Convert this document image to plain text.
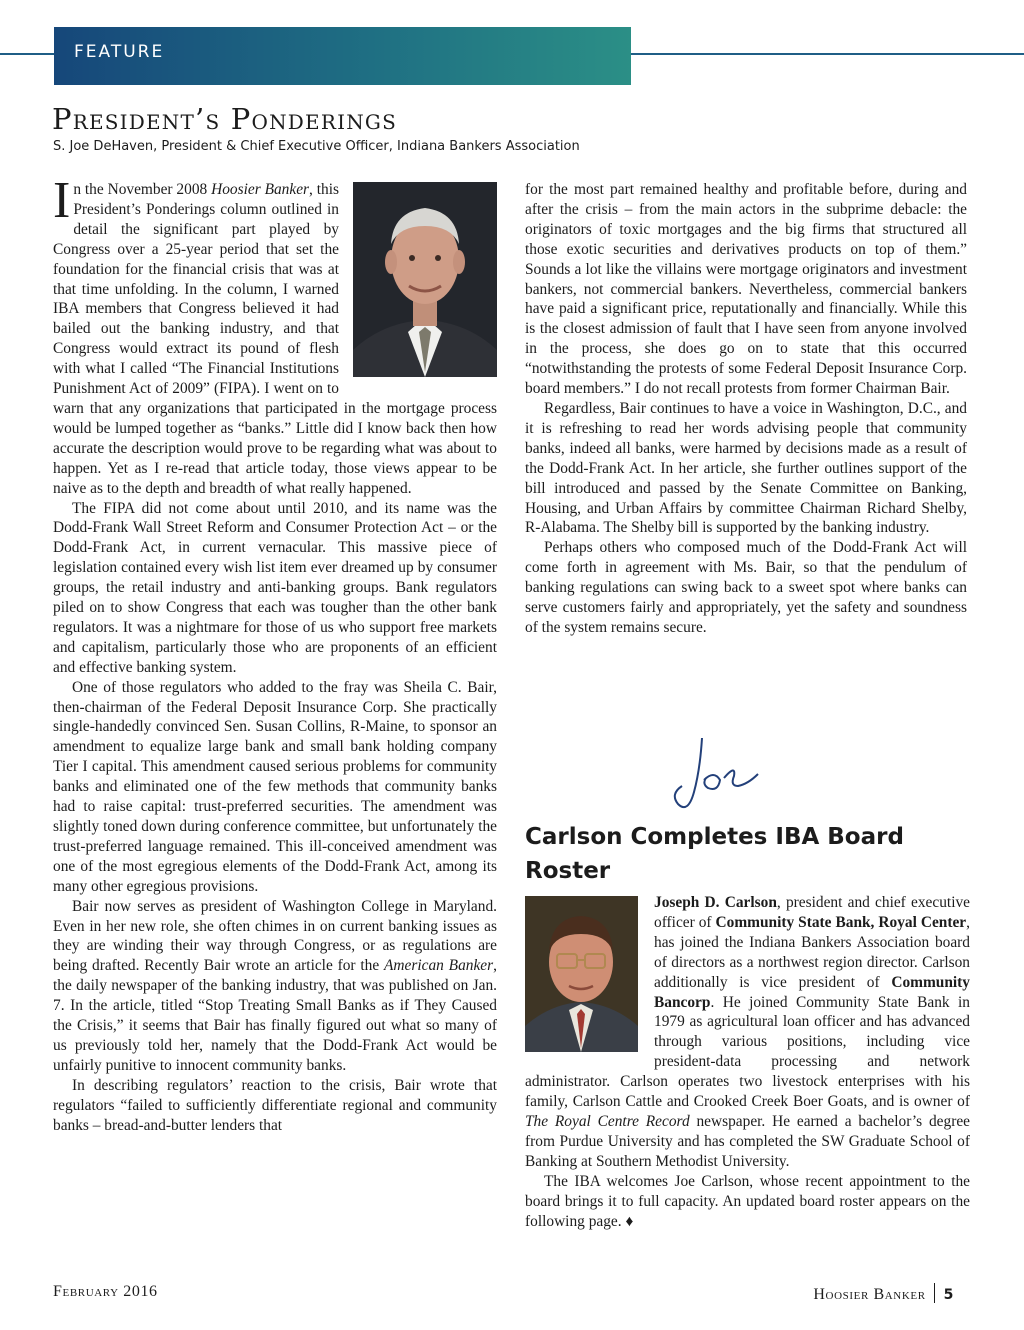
FEATURE
President’s Ponderings
S. Joe DeHaven, President & Chief Executive Officer, Indiana Bankers Association

In the November 2008 Hoosier Banker, this President’s Ponderings column outlined in detail the significant part played by Congress over a 25-year period that set the foundation for the financial crisis that was at that time unfolding. In the column, I warned IBA members that Congress believed it had bailed out the banking industry, and that Congress would extract its pound of flesh with what I called “The Financial Institutions Punishment Act of 2009” (FIPA). I went on to warn that any organizations that participated in the mortgage process would be lumped together as “banks.” Little did I know back then how accurate the description would prove to be regarding what was about to happen. Yet as I re-read that article today, those views appear to be naive as to the depth and breadth of what really happened.

The FIPA did not come about until 2010, and its name was the Dodd-Frank Wall Street Reform and Consumer Protection Act – or the Dodd-Frank Act, in current vernacular. This massive piece of legislation contained every wish list item ever dreamed up by consumer groups, the retail industry and anti-banking groups. Bank regulators piled on to show Congress that each was tougher than the other bank regulators. It was a nightmare for those of us who support free markets and capitalism, particularly those who are proponents of an efficient and effective banking system.

One of those regulators who added to the fray was Sheila C. Bair, then-chairman of the Federal Deposit Insurance Corp. She practically single-handedly convinced Sen. Susan Collins, R-Maine, to sponsor an amendment to equalize large bank and small bank holding company Tier I capital. This amendment caused serious problems for community banks and eliminated one of the few methods that community banks had to raise capital: trust-preferred securities. The amendment was slightly toned down during conference committee, but unfortunately the trust-preferred language remained. This ill-conceived amendment was one of the most egregious elements of the Dodd-Frank Act, among its many other egregious provisions.

Bair now serves as president of Washington College in Maryland. Even in her new role, she often chimes in on current banking issues as they are winding their way through Congress, or as regulations are being drafted. Recently Bair wrote an article for the American Banker, the daily newspaper of the banking industry, that was published on Jan. 7. In the article, titled “Stop Treating Small Banks as if They Caused the Crisis,” it seems that Bair has finally figured out what so many of us previously told her, namely that the Dodd-Frank Act would be unfairly punitive to innocent community banks.

In describing regulators’ reaction to the crisis, Bair wrote that regulators “failed to sufficiently differentiate regional and community banks – bread-and-butter lenders that

for the most part remained healthy and profitable before, during and after the crisis – from the main actors in the subprime debacle: the originators of toxic mortgages and the big firms that structured all those exotic securities and derivatives products on top of them.” Sounds a lot like the villains were mortgage originators and investment bankers, not commercial bankers. Nevertheless, commercial bankers have paid a significant price, reputationally and financially. While this is the closest admission of fault that I have seen from anyone involved in the process, she does go on to state that this occurred “notwithstanding the protests of some Federal Deposit Insurance Corp. board members.” I do not recall protests from former Chairman Bair.

Regardless, Bair continues to have a voice in Washington, D.C., and it is refreshing to read her words advising people that community banks, indeed all banks, were harmed by decisions made as a result of the Dodd-Frank Act. In her article, she further outlines support of the bill introduced and passed by the Senate Committee on Banking, Housing, and Urban Affairs by committee Chairman Richard Shelby, R-Alabama. The Shelby bill is supported by the banking industry.

Perhaps others who composed much of the Dodd-Frank Act will come forth in agreement with Ms. Bair, so that the pendulum of banking regulations can swing back to a sweet spot where banks can serve customers fairly and appropriately, yet the safety and soundness of the system remains secure.

Carlson Completes IBA Board Roster

Joseph D. Carlson, president and chief executive officer of Community State Bank, Royal Center, has joined the Indiana Bankers Association board of directors as a northwest region director. Carlson additionally is vice president of Community Bancorp. He joined Community State Bank in 1979 as agricultural loan officer and has advanced through various positions, including vice president-data processing and network administrator. Carlson operates two livestock enterprises with his family, Carlson Cattle and Crooked Creek Boer Goats, and is owner of The Royal Centre Record newspaper. He earned a bachelor’s degree from Purdue University and has completed the SW Graduate School of Banking at Southern Methodist University.

The IBA welcomes Joe Carlson, whose recent appointment to the board brings it to full capacity. An updated board roster appears on the following page. ♦

February 2016	Hoosier Banker 5
